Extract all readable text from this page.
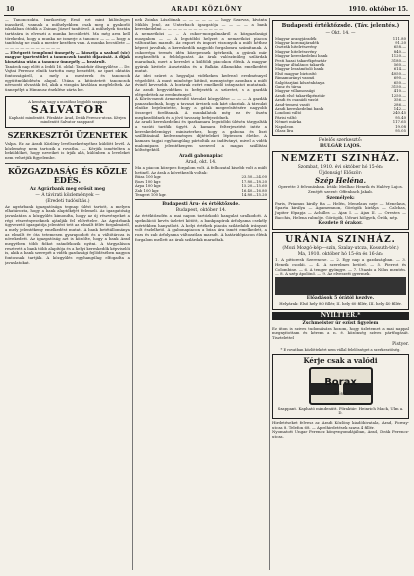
10	ARADI KÖZLÖNY	1910. október 15.

— Tanonczokta. Imrikovitzy Ernő ezt mint különleges inasokról, vannak a műhelyekben csak meg a gyakorló iskolában ötödik a Zsinan József tanítóvel. A műhelyek tisztán tartására is elveszti a munka becsületét. Ma még arra kell törekedni, hogy a munka ne ismerje a tanoncz — — — hogy a tanítóság ne csak a mester kezében van. A munka becsülete — — — — — — — — — — — —

— Elvégzett templomi ünnepély — kiosztja a szabad (sic) magyar ipartestület a tanonczok tanító díjazását. A díjak kiosztása után a tanoncz ünnepély — bezárult.

Tanárok nap előtt a Ieddi 16. oldal: Tanárkör díszgyűlése ... Dr. Vajtai Ferencz elnök tartotta meg beszédét, az ipari oktatás fontosságáról, a mely a mesterek és tanoncok együttműködésén alapul. Utána a kitüntetett tanonczok névsorát olvasták fel, akik a vizsgán kiválóan megfeleltek. Az ünnepélyt a Himnusz éneklése zárta be.

A kemény vagy a mosóhoz legjobb szappan
SALVATOR
Kapható mindenütt. Főraktár: Arad, Deák Ferencz-utcza. Kérjen mindenütt Salvator szappant!
SZERKESZTŐI ÜZENETEK

Valpa. Ez az Aradi Közlöny levélszekrényéhez küldött levél. A közlemény nem tartozik a rovatba. — Kérjük ismételten a beküldőket, hogy neveiket is írják alá, különben a leveleket nem vehetjük figyelembe.

KÖZGAZDASÁG ÉS KÖZLE EDÉS.
Az Agrárbank meg erősít meg
— A távirati közlemények —
(Eredeti tudósítás.)

Az agrárbank igazgatósága tegnap ülést tartott, a melyen elhatározta, hogy a bank alaptőkéjét felemeli. Az igazgatóság javaslatára a közgyűlés kimondta, hogy az új részvényeket a régi részvényeseknek ajánlják fel elővételre. Az Agrárbank ügyvezető igazgatója jelentést tett az elmúlt félév forgalmáról, a mely jelentékeny emelkedést mutat. A bank betétállománya az elmúlt év óta tetemesen gyarapodott és a váltótárcza is növekedett. Az igazgatóság azt is közölte, hogy a bank Arad megyében több fiókot szándékozik nyitni. A tárgyaláson resztvett a bank több alapítója és a helyi kereskedők képviselői is, akik a bank szerepét a vidék gazdasági fejlődésében nagyon fontosnak tartják. A közgyűlés egyhangúlag elfogadta a javaslatokat.

nek Zsinka Lászlónak — — — — — — hogy Szarvas, kívánta Miklós Jenő, az Unterbach igazgatója — — — — a bank kereskedelmi — — — — — — — — — — — —

A nemzetközi — ... A cukor-mozgalmakról a közgazdasági mozgalom — — A legutóbbi helyzet a nemzetközi piacon változatlan maradt. Az export és import viszonyok a múlt héthez képest javultak, a kereskedők nagyobb forgalomra számítanak. A cukorrépa termés idén közepesnek ígérkezik, a gyárak már megkezdték a feldolgozást. Az árak valószínűleg szilárdak maradnak, mert a kereslet a külföldi piacokon élénk. A magyar gyárak kivitele Ausztriába és a Balkán államokba emelkedést mutat.

Az idei szüret a hegyaljai vidékeken kedvező eredménnyel végződött. A must minősége kitűnő, mennyisége azonban a múlt évinél kevesebb. A borárak ezért emelkedő irányzatot mutatnak. Az aradi hegyvidéken is befejezték a szüretet, s a gazdák elégedettek az eredménnyel.

A Körös-menti ármentesítő társulat közgyűlése — — — A gazdák panaszkodnak, hogy a tavaszi árvizek sok kárt okoztak. A társulat elnöke bejelentette, hogy a gátak megerősítésére nagyobb összeget fordítanak. A munkálatok még ez év őszén megkezdődnek és a jövő tavaszig befejeződnek.

Az aradi kereskedelmi és iparkamara legutóbbi ülésén tárgyalták a vasúti tarifák ügyét. A kamara felterjesztést intéz a kereskedelemügyi miniszterhez, hogy a gabona és liszt szállításánál kedvezményes díjtételeket léptessen életbe. A kamara tagjai egyhangúlag pártolták az indítványt, mivel a vidék malomipara jelentékenyen szenved a magas szállítási költségektől.

Aradi gabonapiac
Arad, okt. 14.

Ma a piacon közepes forgalom volt. A felhozatal kisebb volt a múlt hetinél. Az árak a következők voltak:

Búza 100 kgr.	23.50—24.00
Rozs 100 kgr.	17.80—18.20
Árpa 100 kgr.	15.20—15.60
Zab 100 kgr.	16.40—16.80
Tengeri 100 kgr.	14.80—15.20
Budapesti Áru- és értéktőzsde.
Budapest, október 14.

Az értéktőzsdén a mai napon tartózkodó hangulat uralkodott. A spekuláció kevés üzletet kötött, a bankpapírok árfolyama csekély mértékben hanyatlott. A helyi értékek piacán szilárdabb irányzat volt észlelhető. A gabonapiacon a búza ára ismét emelkedett, a rozs és zab árfolyama változatlan maradt. A határidőpiacon élénk forgalom mellett az árak szilárdak maradtak.

Budapesti értéktőzsde. (Táv. jelentés.)
— Okt. 14. —
Magyar aranyjáradék	111.80
Magyar koronajáradék	91.20
Osztrák hitelrészvény	658.—
Magyar hitelrészvény	840.—
Magyar kereskedelmi bank	1120.—
Pesti hazai takarékpénztár	3180.—
Magyar általános takarék	560.—
Magyar leszámítoló bank	614.—
Első magyar biztosító	4050.—
Rimamurányi vasmű	690.—
Salgótarjáni kőszénbánya	650.—
Ganz és társa	3150.—
Magyar villamossági	410.—
Aradi első takarékpénztár	1250.—
Aradi és csanádi vasút	356.—
Arad-temesi vasút	286.—
Aradi kereskedelmi bank	142.—
Londoni váltó	240.45
Párisi váltó	95.40
Német márka	117.65
Napoleon	19.08
Olasz líra	95.05
Felelős szerkesztő:
BULGÁR LAJOS.
NEMZETI SZINHÁZ.
Szombat, 1910. évi október hó 15-én:
Újdonság! Először:
Szép Heléna.

Operette 3 felvonásban. Irták: Meilhac Henrik és Halévy Lajos. Zenéjét szerzé: Offenbach Jakab.

Személyek:

Paris, Priamus király fia — Helén, Menelaus neje — Menelaus, Sparta királya — Agamemnon, Görögök királya — Calchas, Jupiter főpapja — Achilles — Ajax I. — Ajax II. — Orestes — Bacchis, Helena rabnője. Görögök, Udvari hölgyek, Őrök, nép.

Kezdete 8 órakor.
URÁNIA SZINHÁZ.
(Mozi Mozgó-kép—szín, Szalay-utcza, Kossuth-tér.)
Ma, 1910. október hó 15-én és 16-án:

1. A pittoresk Szerencse. — 2. Egy nap a gazdaságban. — 3. Henrik csodái. — 4. A szerelmes betörő. — 5. Pierrot és Colombine. — 6. A tenger gyöngye. — 7. Utazás a Nilus mentén. — 8. A szép ápolónő. — 9. Az elveszett gyermek.

Előadások 5 órától kezdve.

Helyárak: Első hely 80 fillér, II. hely 60 fillér, III. hely 40 fillér.

NYILTTÉR.*
Zschmeister úr ezüst figyelem

Ez úton is szives tudomására hozom, hogy üzletemet a mai nappal megnyitottam és kérem a n. é. közönség szíves pártfogását. Tisztelettel

Pistyer.
* E rovatban közlöttekért nem vállal felelősséget a szerkesztőség.
Kérje csak a valódi
Borax
Kaiser

Szappant. Kapható mindenütt. Főraktár: Heinrich Mack, Ulm a. D.

Hirdetéseket felvesz az Aradi Közlöny kiadóhivatala, Arad, Forray-utcza 8. Telefon 68. — Apróhirdetések szava 4 fillér.

Nyomatott Ungar Ferencz könyvnyomdájában, Arad, Deák Ferencz-utcza.
